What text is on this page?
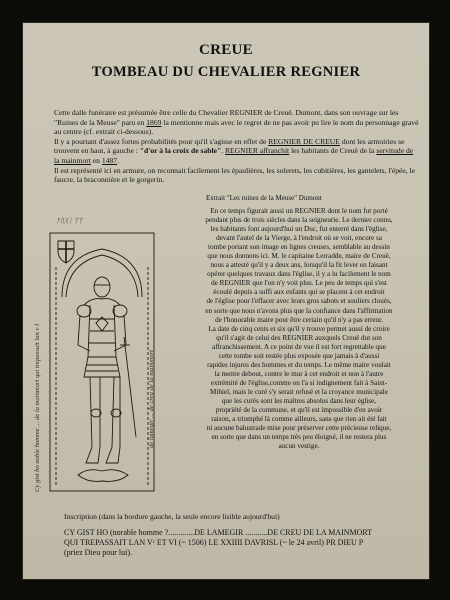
CREUE
TOMBEAU DU CHEVALIER REGNIER

Cette dalle funéraire est présumée être celle du Chevalier REGNIER de Creuë. Dumont, dans son ouvrage sur les "Ruines de la Meuse" paru en 1869 la mentionne mais avec le regret de ne pas avoir pu lire le nom du personnage gravé au centre (cf. extrait ci-dessous).

Il y a pourtant d'assez fortes probabilités pour qu'il s'agisse en effet de REGNIER DE CREUE dont les armoiries se trouvent en haut, à gauche : "d'or à la croix de sable". REGNIER affranchit les habitants de Creuë de la servitude de la mainmort en 1487.

Il est représenté ici en armure, on reconnait facilement les épaulières, les solerets, les cubitières, les gantelets, l'épée, le faucre, la braconnière et le gorgerin.

ᚨᚢᚷᛁ ᛘᛘ
Cy gist ho noble homme ... de la mainmort qui trepassait lan v I	de lamegir ... de creu de la mainmort
Extrait "Les ruines de la Meuse" Dumont

En ce temps figurait aussi un REGNIER dont le nom fut porté

pendant plus de trois siècles dans la seigneurie. Le dernier connu,

les habitants font aujourd'hui un Duc, fut enterré dans l'église,

devant l'autel de la Vierge, à l'endroit où se voit, encore sa

tombe portant son image en lignes creuses, semblable au dessin

que nous donnons ici. M. le capitaine Lerradde, maire de Creuë,

nous a attesté qu'il y a deux ans, lorsqu'il la fit lever en faisant

opérer quelques travaux dans l'église, il y a lu facilement le nom

de REGNIER que l'on n'y voit plus. Le peu de temps qui s'est

écoulé depuis a suffi aux enfants qui se placent à cet endroit

de l'église pour l'effacer avec leurs gros sabots et souliers cloués,

en sorte que nous n'avons plus que la confiance dans l'affirmation

de l'honorable maire pour être certain qu'il n'y a pas erreur.

La date de cinq cents et six qu'il y trouve permet aussi de croire

qu'il s'agit de celui des REGNIER auxquels Creuë dut son

affranchissement. A ce point de vue il est fort regrettable que

cette tombe soit restée plus exposée que jamais à d'aussi

rapides injures des hommes et du temps. Le même maire voulait

la mettre debout, contre le mur à cet endroit et non à l'autre

extrémité de l'église,comme on l'a si indignement fait à Saint-

Mihiel, mais le curé s'y serait refusé et la croyance municipale

que les curés sont les maîtres absolus dans leur église,

propriété de la commune, et qu'il est impossible d'en avoir

raison, a triomphé là comme ailleurs, sans que rien ait été fait

ni aucune balustrade mise pour préserver cette précieuse relique,

en sorte que dans un temps très peu éloigné, il ne restera plus

aucun vestige.

Inscription (dans la bordure gauche, la seule encore lisible aujourd'hui)
CY GIST HO (norable homme ?.............DE LAMEGIR ...........DE CREU DE LA MAINMORT
QUI TREPASSAIT LAN Vᶜ ET VI (~ 1506) LE XXIIII DAVRISL (~ le 24 avril) PR DIEU P
(priez Dieu pour lui).
